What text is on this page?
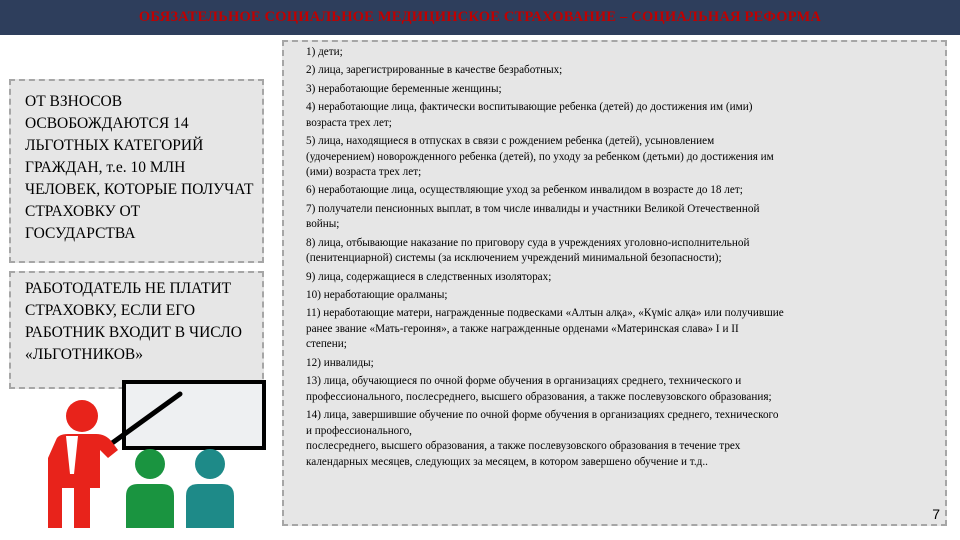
ОБЯЗАТЕЛЬНОЕ СОЦИАЛЬНОЕ МЕДИЦИНСКОЕ СТРАХОВАНИЕ – СОЦИАЛЬНАЯ РЕФОРМА
ОТ ВЗНОСОВ ОСВОБОЖДАЮТСЯ 14 ЛЬГОТНЫХ КАТЕГОРИЙ ГРАЖДАН, т.е. 10 МЛН ЧЕЛОВЕК, КОТОРЫЕ ПОЛУЧАТ СТРАХОВКУ ОТ ГОСУДАРСТВА
РАБОТОДАТЕЛЬ НЕ ПЛАТИТ СТРАХОВКУ, ЕСЛИ ЕГО РАБОТНИК ВХОДИТ В ЧИСЛО «ЛЬГОТНИКОВ»
1) дети;
2) лица, зарегистрированные в качестве безработных;
3) неработающие беременные женщины;
4) неработающие лица, фактически воспитывающие ребенка (детей) до достижения им (ими)
возраста трех лет;
5) лица, находящиеся в отпусках в связи с рождением ребенка (детей), усыновлением
(удочерением) новорожденного ребенка (детей), по уходу за ребенком (детьми) до достижения им
(ими) возраста трех лет;
6) неработающие лица, осуществляющие уход за ребенком инвалидом в возрасте до 18 лет;
7) получатели пенсионных выплат, в том числе инвалиды и участники Великой Отечественной
войны;
8) лица, отбывающие наказание по приговору суда в учреждениях уголовно-исполнительной
(пенитенциарной) системы (за исключением учреждений минимальной безопасности);
9) лица, содержащиеся в следственных изоляторах;
10) неработающие оралманы;
11) неработающие матери, награжденные подвесками «Алтын алқа», «Күміс алқа» или получившие
ранее звание «Мать-героиня», а также награжденные орденами «Материнская слава» I и II
степени;
12) инвалиды;
13) лица, обучающиеся по очной форме обучения в организациях среднего, технического и
профессионального, послесреднего, высшего образования, а также послевузовского образования;
14) лица, завершившие обучение по очной форме обучения в организациях среднего, технического
и профессионального,
послесреднего, высшего образования, а также послевузовского образования в течение трех
календарных месяцев, следующих за месяцем, в котором завершено обучение и т.д..
7
